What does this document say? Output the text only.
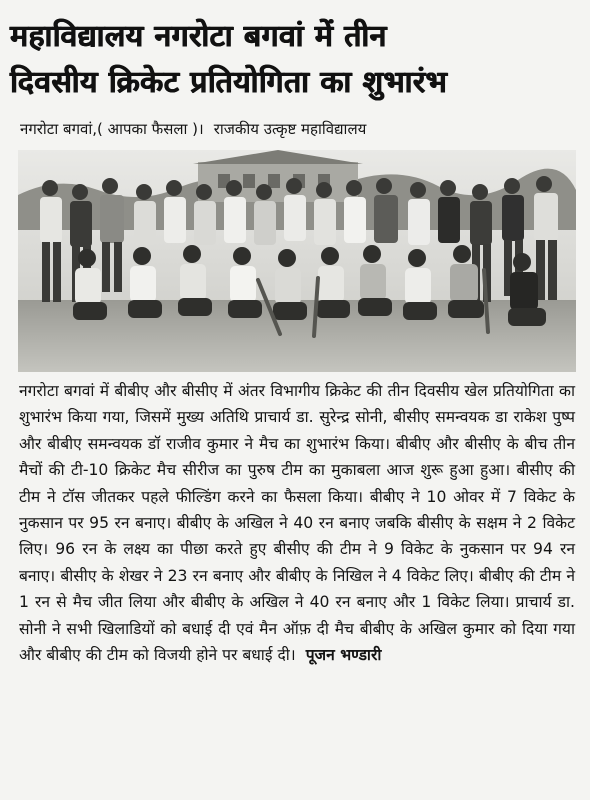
महाविद्यालय नगरोटा बगवां में तीन
दिवसीय क्रिकेट प्रतियोगिता का शुभारंभ
नगरोटा बगवां,( आपका फैसला )। राजकीय उत्कृष्ट महाविद्यालय

नगरोटा बगवां में बीबीए और बीसीए में अंतर विभागीय क्रिकेट की तीन दिवसीय खेल प्रतियोगिता का शुभारंभ किया गया, जिसमें मुख्य अतिथि प्राचार्य डा. सुरेन्द्र सोनी, बीसीए समन्वयक डा राकेश पुष्प और बीबीए समन्वयक डॉ राजीव कुमार ने मैच का शुभारंभ किया। बीबीए और बीसीए के बीच तीन मैचों की टी-10 क्रिकेट मैच सीरीज का पुरुष टीम का मुकाबला आज शुरू हुआ हुआ। बीसीए की टीम ने टॉस जीतकर पहले फील्डिंग करने का फैसला किया। बीबीए ने 10 ओवर में 7 विकेट के नुकसान पर 95 रन बनाए। बीबीए के अखिल ने 40 रन बनाए जबकि बीसीए के सक्षम ने 2 विकेट लिए। 96 रन के लक्ष्य का पीछा करते हुए बीसीए की टीम ने 9 विकेट के नुकसान पर 94 रन बनाए। बीसीए के शेखर ने 23 रन बनाए और बीबीए के निखिल ने 4 विकेट लिए। बीबीए की टीम ने 1 रन से मैच जीत लिया और बीबीए के अखिल ने 40 रन बनाए और 1 विकेट लिया। प्राचार्य डा. सोनी ने सभी खिलाडियों को बधाई दी एवं मैन ऑफ़ दी मैच बीबीए के अखिल कुमार को दिया गया और बीबीए की टीम को विजयी होने पर बधाई दी। पूजन भण्डारी
